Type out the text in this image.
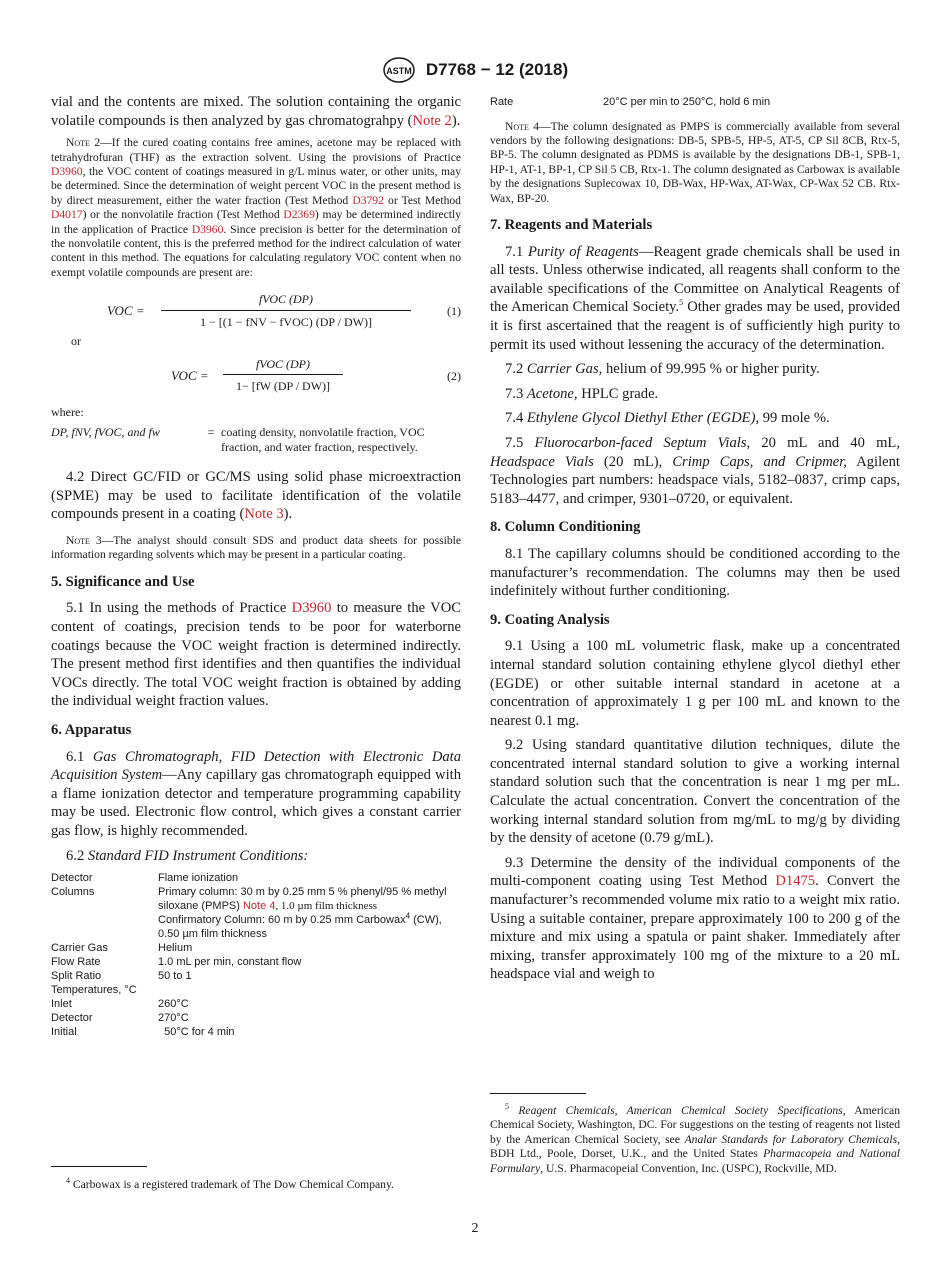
ASTM D7768 − 12 (2018)

vial and the contents are mixed. The solution containing the organic volatile compounds is then analyzed by gas chromatograhpy (Note 2).

Note 2—If the cured coating contains free amines, acetone may be replaced with tetrahydrofuran (THF) as the extraction solvent. Using the provisions of Practice D3960, the VOC content of coatings measured in g/L minus water, or other units, may be determined. Since the determination of weight percent VOC in the present method is by direct measurement, either the water fraction (Test Method D3792 or Test Method D4017) or the nonvolatile fraction (Test Method D2369) may be determined indirectly in the application of Practice D3960. Since precision is better for the determination of the nonvolatile content, this is the preferred method for the indirect calculation of water content in this method. The equations for calculating regulatory VOC content when no exempt volatile compounds are present are:

VOC =
fVOC (DP)
1 − [(1 − fNV − fVOC) (DP / DW)]
(1)
or
VOC =
fVOC (DP)
1− [fW (DP / DW)]
(2)
where:
DP, fNV, fVOC, and fw	= coating density, nonvolatile fraction, VOC fraction, and water fraction, respectively.

4.2 Direct GC/FID or GC/MS using solid phase microextraction (SPME) may be used to facilitate identification of the volatile compounds present in a coating (Note 3).

Note 3—The analyst should consult SDS and product data sheets for possible information regarding solvents which may be present in a particular coating.

5. Significance and Use

5.1 In using the methods of Practice D3960 to measure the VOC content of coatings, precision tends to be poor for waterborne coatings because the VOC weight fraction is determined indirectly. The present method first identifies and then quantifies the individual VOCs directly. The total VOC weight fraction is obtained by adding the individual weight fraction values.

6. Apparatus

6.1 Gas Chromatograph, FID Detection with Electronic Data Acquisition System—Any capillary gas chromatograph equipped with a flame ionization detector and temperature programming capability may be used. Electronic flow control, which gives a constant carrier gas flow, is highly recommended.

6.2 Standard FID Instrument Conditions:

Detector	Flame ionization
Columns	Primary column: 30 m by 0.25 mm 5 % phenyl/95 % methyl siloxane (PMPS) Note 4, 1.0 µm film thickness
Confirmatory Column: 60 m by 0.25 mm Carbowax$^4$ (CW), 0.50 µm film thickness
Carrier Gas	Helium
Flow Rate	1.0 mL per min, constant flow
Split Ratio	50 to 1
Temperatures, °C
Inlet	260°C
Detector	270°C
Initial	50°C for 4 min

$^4$ Carbowax is a registered trademark of The Dow Chemical Company.

Rate	20°C per min to 250°C, hold 6 min

Note 4—The column designated as PMPS is commercially available from several vendors by the following designations: DB-5, SPB-5, HP-5, AT-5, CP Sil 8CB, Rtx-5, BP-5. The column designated as PDMS is available by the designations DB-1, SPB-1, HP-1, AT-1, BP-1, CP Sil 5 CB, Rtx-1. The column designated as Carbowax is available by the designations Suplecowax 10, DB-Wax, HP-Wax, AT-Wax, CP-Wax 52 CB. Rtx-Wax, BP-20.

7. Reagents and Materials

7.1 Purity of Reagents—Reagent grade chemicals shall be used in all tests. Unless otherwise indicated, all reagents shall conform to the available specifications of the Committee on Analytical Reagents of the American Chemical Society.$^5$ Other grades may be used, provided it is first ascertained that the reagent is of sufficiently high purity to permit its used without lessening the accuracy of the determination.

7.2 Carrier Gas, helium of 99.995 % or higher purity.

7.3 Acetone, HPLC grade.

7.4 Ethylene Glycol Diethyl Ether (EGDE), 99 mole %.

7.5 Fluorocarbon-faced Septum Vials, 20 mL and 40 mL, Headspace Vials (20 mL), Crimp Caps, and Cripmer, Agilent Technologies part numbers: headspace vials, 5182–0837, crimp caps, 5183–4477, and crimper, 9301–0720, or equivalent.

8. Column Conditioning

8.1 The capillary columns should be conditioned according to the manufacturer’s recommendation. The columns may then be used indefinitely without further conditioning.

9. Coating Analysis

9.1 Using a 100 mL volumetric flask, make up a concentrated internal standard solution containing ethylene glycol diethyl ether (EGDE) or other suitable internal standard in acetone at a concentration of approximately 1 g per 100 mL and known to the nearest 0.1 mg.

9.2 Using standard quantitative dilution techniques, dilute the concentrated internal standard solution to give a working internal standard solution such that the concentration is near 1 mg per mL. Calculate the actual concentration. Convert the concentration of the working internal standard solution from mg/mL to mg/g by dividing by the density of acetone (0.79 g/mL).

9.3 Determine the density of the individual components of the multi-component coating using Test Method D1475. Convert the manufacturer’s recommended volume mix ratio to a weight mix ratio. Using a suitable container, prepare approximately 100 to 200 g of the mixture and mix using a spatula or paint shaker. Immediately after mixing, transfer approximately 100 mg of the mixture to a 20 mL headspace vial and weigh to

$^5$ Reagent Chemicals, American Chemical Society Specifications, American Chemical Society, Washington, DC. For suggestions on the testing of reagents not listed by the American Chemical Society, see Analar Standards for Laboratory Chemicals, BDH Ltd., Poole, Dorset, U.K., and the United States Pharmacopeia and National Formulary, U.S. Pharmacopeial Convention, Inc. (USPC), Rockville, MD.

2
